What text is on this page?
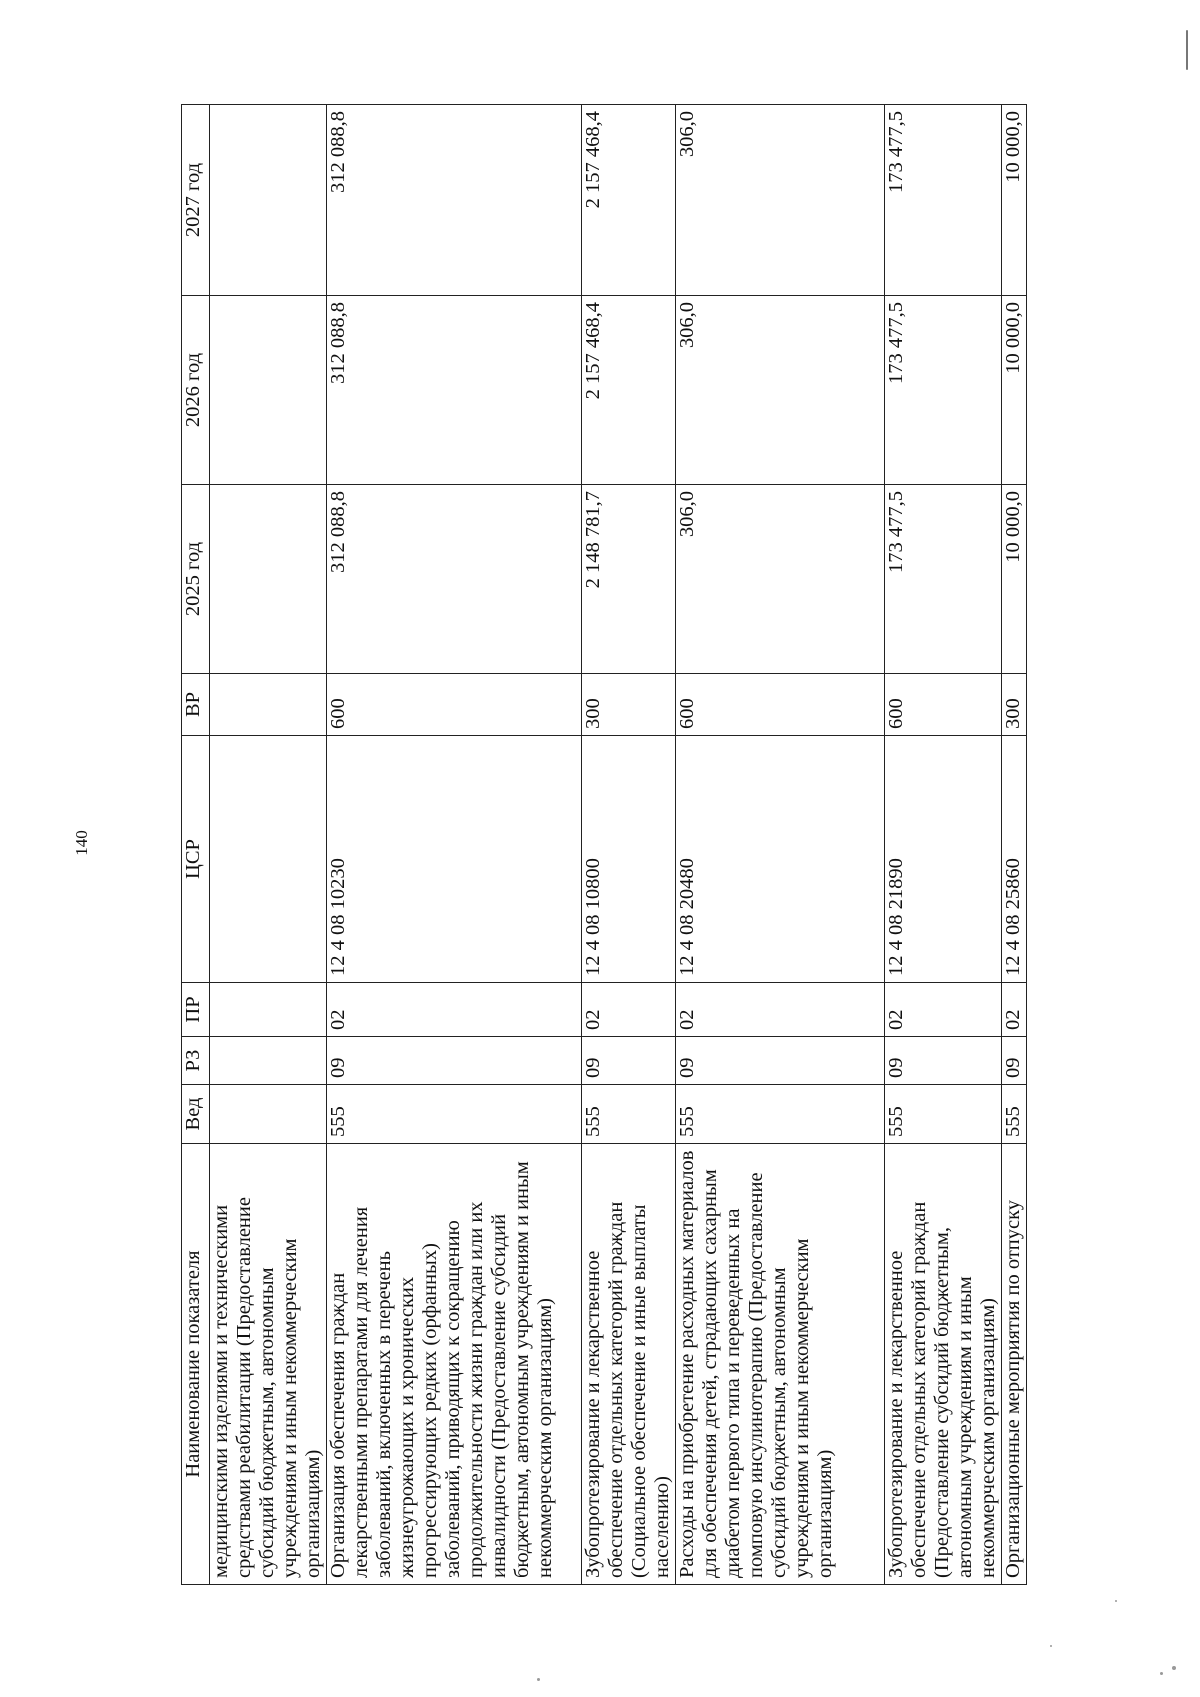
140
Наименование показателя	Вед	РЗ	ПР	ЦСР	ВР	2025 год	2026 год	2027 год
медицинскими изделиями и техническими средствами реабилитации (Предоставление субсидий бюджетным, автономным учреждениям и иным некоммерческим организациям)								
Организация обеспечения граждан лекарственными препаратами для лечения заболеваний, включенных в перечень жизнеугрожающих и хронических прогрессирующих редких (орфанных) заболеваний, приводящих к сокращению продолжительности жизни граждан или их инвалидности (Предоставление субсидий бюджетным, автономным учреждениям и иным некоммерческим организациям)	555	09	02	12 4 08 10230	600	312 088,8	312 088,8	312 088,8
Зубопротезирование и лекарственное обеспечение отдельных категорий граждан (Социальное обеспечение и иные выплаты населению)	555	09	02	12 4 08 10800	300	2 148 781,7	2 157 468,4	2 157 468,4
Расходы на приобретение расходных материалов для обеспечения детей, страдающих сахарным диабетом первого типа и переведенных на помповую инсулинотерапию (Предоставление субсидий бюджетным, автономным учреждениям и иным некоммерческим организациям)	555	09	02	12 4 08 20480	600	306,0	306,0	306,0
Зубопротезирование и лекарственное обеспечение отдельных категорий граждан (Предоставление субсидий бюджетным, автономным учреждениям и иным некоммерческим организациям)	555	09	02	12 4 08 21890	600	173 477,5	173 477,5	173 477,5
Организационные мероприятия по отпуску	555	09	02	12 4 08 25860	300	10 000,0	10 000,0	10 000,0
